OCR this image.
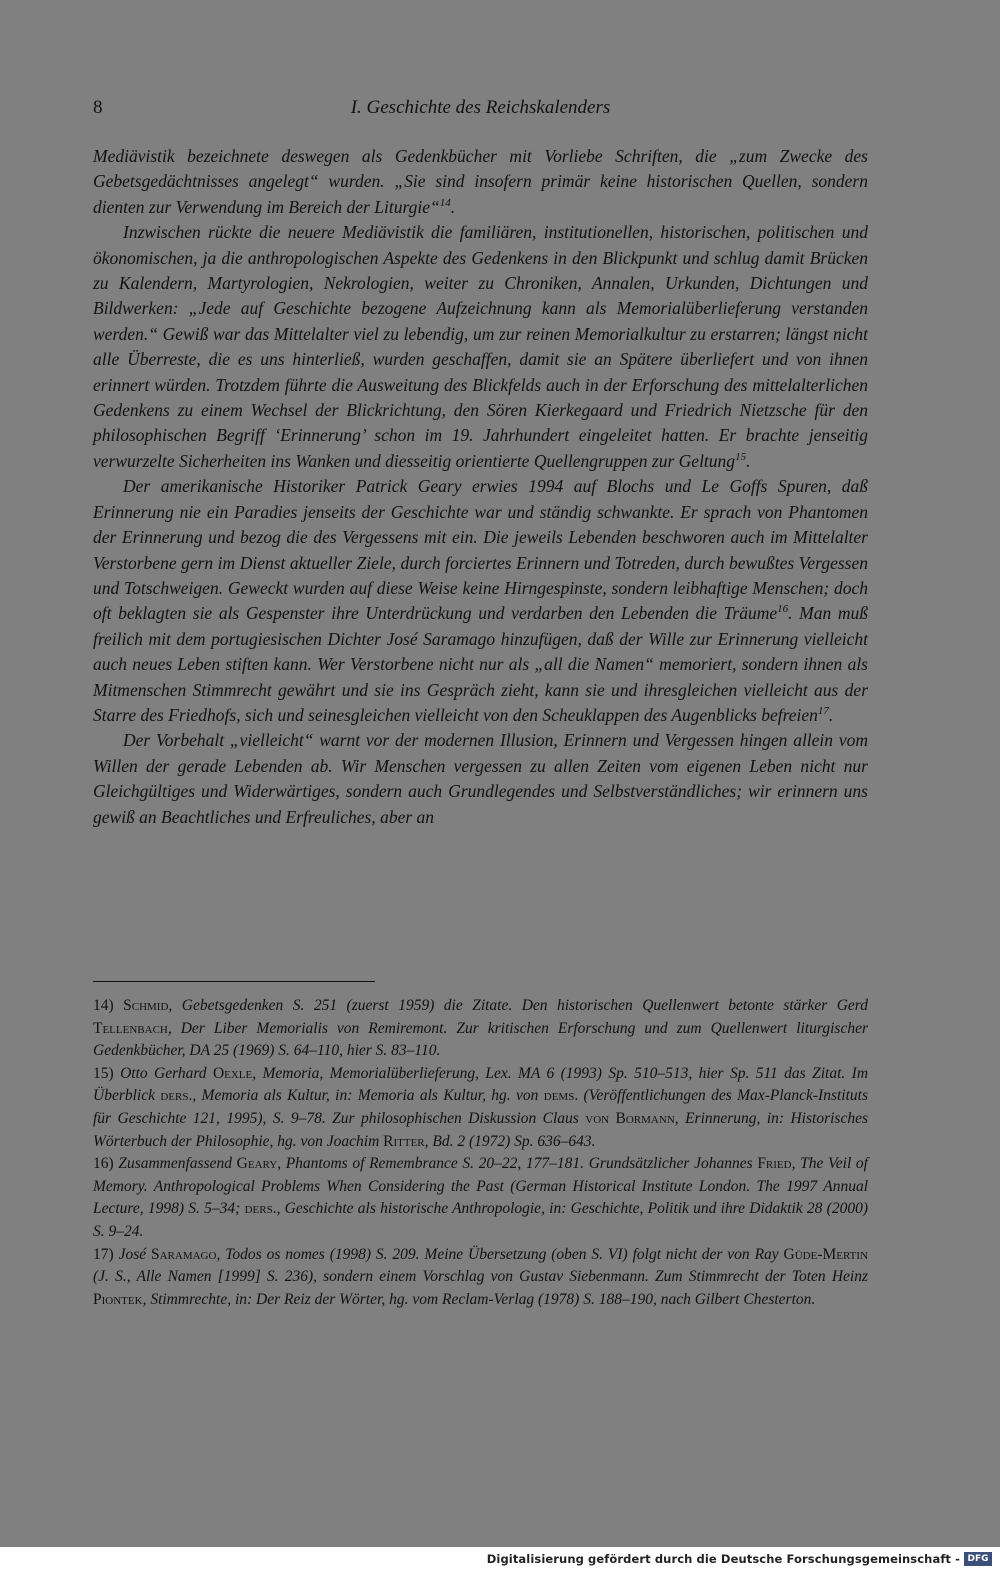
8	I. Geschichte des Reichskalenders

Mediävistik bezeichnete deswegen als Gedenkbücher mit Vorliebe Schriften, die „zum Zwecke des Gebetsgedächtnisses angelegt“ wurden. „Sie sind insofern primär keine historischen Quellen, sondern dienten zur Verwendung im Bereich der Liturgie“$^{14}$.

Inzwischen rückte die neuere Mediävistik die familiären, institutionellen, historischen, politischen und ökonomischen, ja die anthropologischen Aspekte des Gedenkens in den Blickpunkt und schlug damit Brücken zu Kalendern, Martyrologien, Nekrologien, weiter zu Chroniken, Annalen, Urkunden, Dichtungen und Bildwerken: „Jede auf Geschichte bezogene Aufzeichnung kann als Memorialüberlieferung verstanden werden.“ Gewiß war das Mittelalter viel zu lebendig, um zur reinen Memorialkultur zu erstarren; längst nicht alle Überreste, die es uns hinterließ, wurden geschaffen, damit sie an Spätere überliefert und von ihnen erinnert würden. Trotzdem führte die Ausweitung des Blickfelds auch in der Erforschung des mittelalterlichen Gedenkens zu einem Wechsel der Blickrichtung, den Sören Kierkegaard und Friedrich Nietzsche für den philosophischen Begriff ‘Erinnerung’ schon im 19. Jahrhundert eingeleitet hatten. Er brachte jenseitig verwurzelte Sicherheiten ins Wanken und diesseitig orientierte Quellengruppen zur Geltung$^{15}$.

Der amerikanische Historiker Patrick Geary erwies 1994 auf Blochs und Le Goffs Spuren, daß Erinnerung nie ein Paradies jenseits der Geschichte war und ständig schwankte. Er sprach von Phantomen der Erinnerung und bezog die des Vergessens mit ein. Die jeweils Lebenden beschworen auch im Mittelalter Verstorbene gern im Dienst aktueller Ziele, durch forciertes Erinnern und Totreden, durch bewußtes Vergessen und Totschweigen. Geweckt wurden auf diese Weise keine Hirngespinste, sondern leibhaftige Menschen; doch oft beklagten sie als Gespenster ihre Unterdrückung und verdarben den Lebenden die Träume$^{16}$. Man muß freilich mit dem portugiesischen Dichter José Saramago hinzufügen, daß der Wille zur Erinnerung vielleicht auch neues Leben stiften kann. Wer Verstorbene nicht nur als „all die Namen“ memoriert, sondern ihnen als Mitmenschen Stimmrecht gewährt und sie ins Gespräch zieht, kann sie und ihresgleichen vielleicht aus der Starre des Friedhofs, sich und seinesgleichen vielleicht von den Scheuklappen des Augenblicks befreien$^{17}$.

Der Vorbehalt „vielleicht“ warnt vor der modernen Illusion, Erinnern und Vergessen hingen allein vom Willen der gerade Lebenden ab. Wir Menschen vergessen zu allen Zeiten vom eigenen Leben nicht nur Gleichgültiges und Widerwärtiges, sondern auch Grundlegendes und Selbstverständliches; wir erinnern uns gewiß an Beachtliches und Erfreuliches, aber an

14) Schmid, Gebetsgedenken S. 251 (zuerst 1959) die Zitate. Den historischen Quellenwert betonte stärker Gerd Tellenbach, Der Liber Memorialis von Remiremont. Zur kritischen Erforschung und zum Quellenwert liturgischer Gedenkbücher, DA 25 (1969) S. 64–110, hier S. 83–110.

15) Otto Gerhard Oexle, Memoria, Memorialüberlieferung, Lex. MA 6 (1993) Sp. 510–513, hier Sp. 511 das Zitat. Im Überblick ders., Memoria als Kultur, in: Memoria als Kultur, hg. von dems. (Veröffentlichungen des Max-Planck-Instituts für Geschichte 121, 1995), S. 9–78. Zur philosophischen Diskussion Claus von Bormann, Erinnerung, in: Historisches Wörterbuch der Philosophie, hg. von Joachim Ritter, Bd. 2 (1972) Sp. 636–643.

16) Zusammenfassend Geary, Phantoms of Remembrance S. 20–22, 177–181. Grundsätzlicher Johannes Fried, The Veil of Memory. Anthropological Problems When Considering the Past (German Historical Institute London. The 1997 Annual Lecture, 1998) S. 5–34; ders., Geschichte als historische Anthropologie, in: Geschichte, Politik und ihre Didaktik 28 (2000) S. 9–24.

17) José Saramago, Todos os nomes (1998) S. 209. Meine Übersetzung (oben S. VI) folgt nicht der von Ray Güde-Mertin (J. S., Alle Namen [1999] S. 236), sondern einem Vorschlag von Gustav Siebenmann. Zum Stimmrecht der Toten Heinz Piontek, Stimmrechte, in: Der Reiz der Wörter, hg. vom Reclam-Verlag (1978) S. 188–190, nach Gilbert Chesterton.

Digitalisierung gefördert durch die Deutsche Forschungsgemeinschaft - DFG
